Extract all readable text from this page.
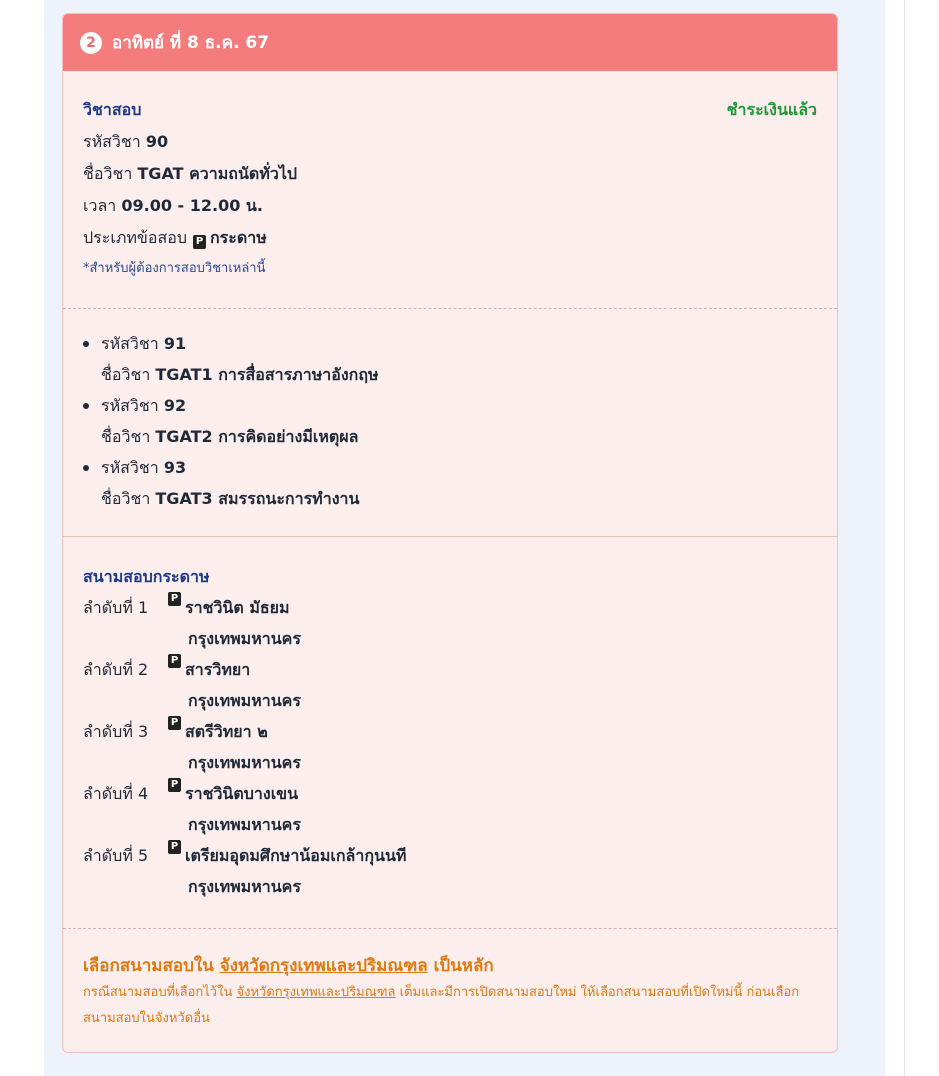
2 อาทิตย์ ที่ 8 ธ.ค. 67
วิชาสอบ	ชำระเงินแล้ว
รหัสวิชา 90
ชื่อวิชา TGAT ความถนัดทั่วไป
เวลา 09.00 - 12.00 น.
ประเภทข้อสอบ P กระดาษ
*สำหรับผู้ต้องการสอบวิชาเหล่านี้
รหัสวิชา 91
ชื่อวิชา TGAT1 การสื่อสารภาษาอังกฤษ
รหัสวิชา 92
ชื่อวิชา TGAT2 การคิดอย่างมีเหตุผล
รหัสวิชา 93
ชื่อวิชา TGAT3 สมรรถนะการทำงาน
สนามสอบกระดาษ
ลำดับที่ 1	P ราชวินิต มัธยม
กรุงเทพมหานคร
ลำดับที่ 2	P สารวิทยา
กรุงเทพมหานคร
ลำดับที่ 3	P สตรีวิทยา ๒
กรุงเทพมหานคร
ลำดับที่ 4	P ราชวินิตบางเขน
กรุงเทพมหานคร
ลำดับที่ 5	P เตรียมอุดมศึกษาน้อมเกล้ากุนนที
กรุงเทพมหานคร
เลือกสนามสอบใน จังหวัดกรุงเทพและปริมณฑล เป็นหลัก
กรณีสนามสอบที่เลือกไว้ใน จังหวัดกรุงเทพและปริมณฑล เต็มและมีการเปิดสนามสอบใหม่ ให้เลือกสนามสอบที่เปิดใหม่นี้ ก่อนเลือกสนามสอบในจังหวัดอื่น
